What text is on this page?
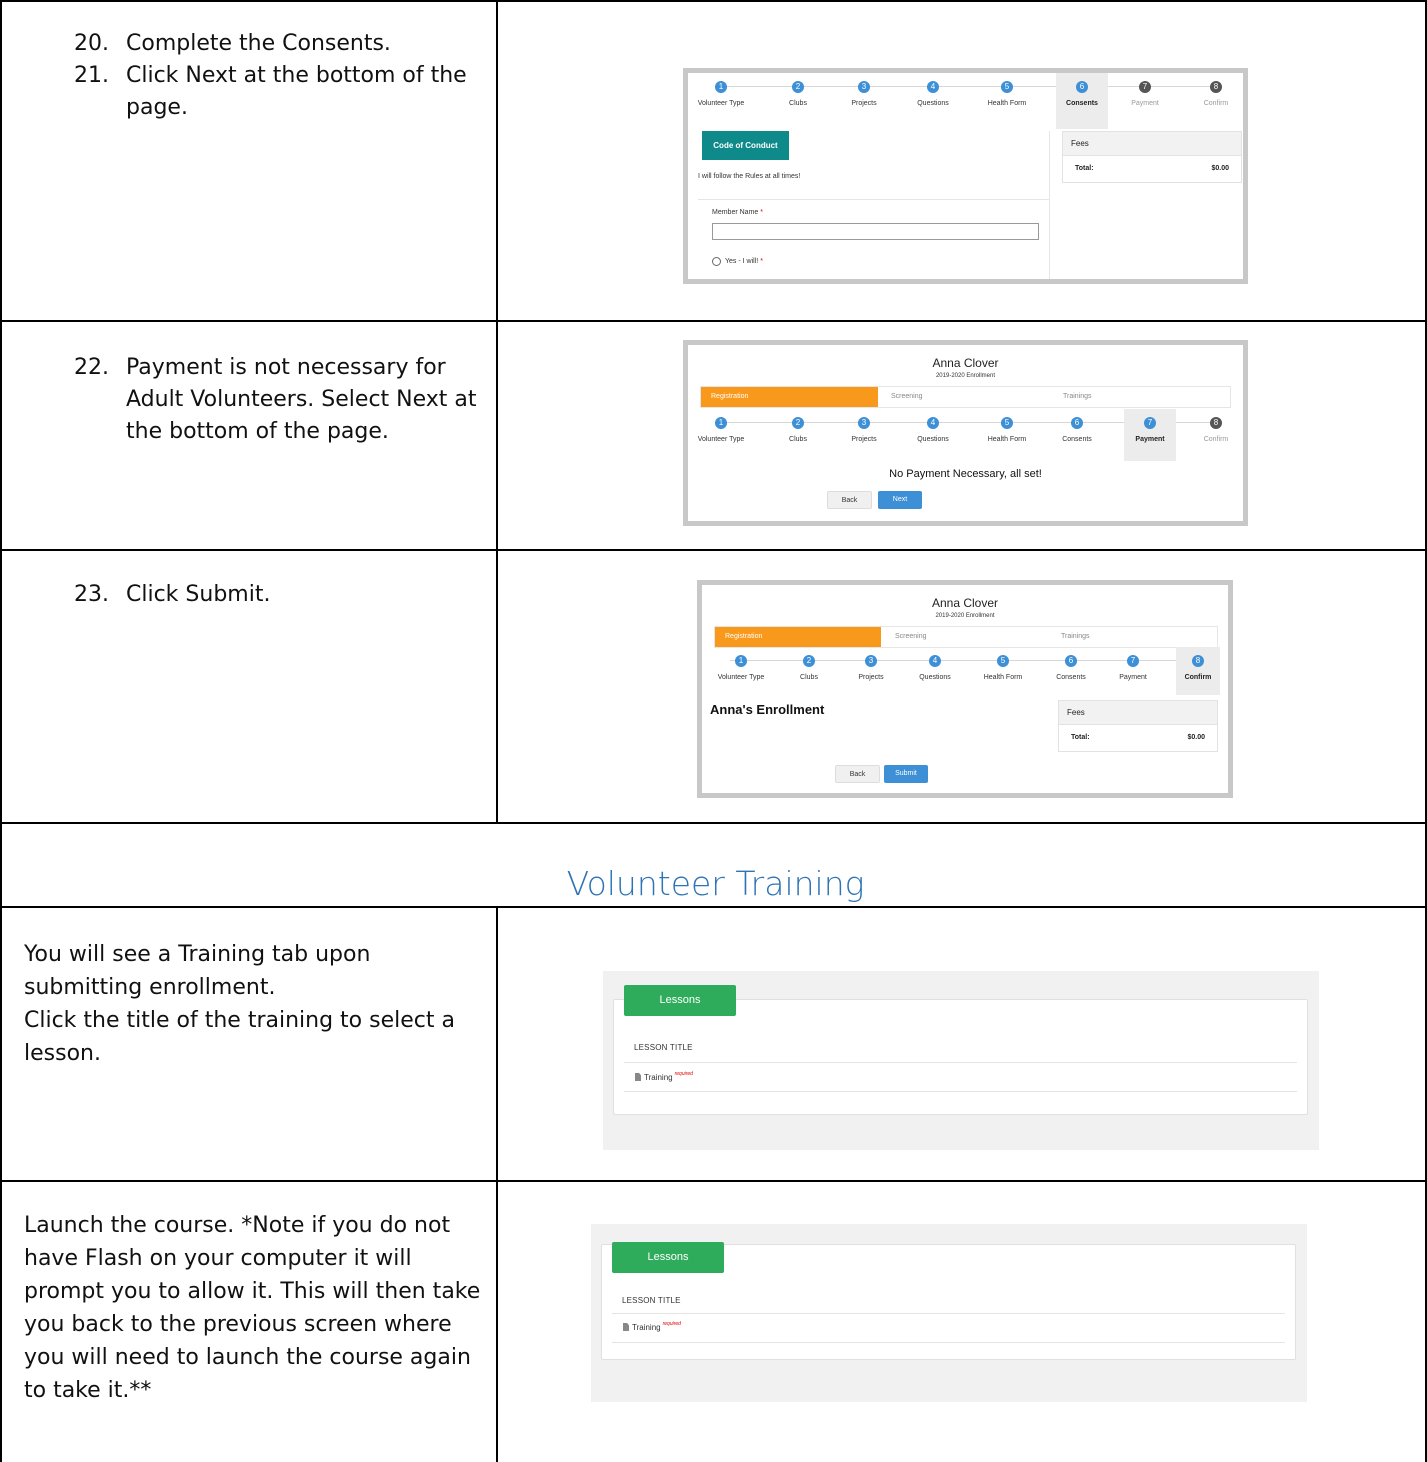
20. Complete the Consents.
21. Click Next at the bottom of the page.
1
Volunteer Type
2
Clubs
3
Projects
4
Questions
5
Health Form
6
Consents
7
Payment
8
Confirm
Code of Conduct
I will follow the Rules at all times!
Member Name *
Yes - I will! *
Fees
Total:	$0.00
22. Payment is not necessary for Adult Volunteers. Select Next at the bottom of the page.
Anna Clover
2019-2020 Enrollment
Registration	Screening	Trainings
1
Volunteer Type
2
Clubs
3
Projects
4
Questions
5
Health Form
6
Consents
7
Payment
8
Confirm
No Payment Necessary, all set!
Back	Next
23. Click Submit.	Anna Clover
2019-2020 Enrollment
Registration	Screening	Trainings
1
Volunteer Type
2
Clubs
3
Projects
4
Questions
5
Health Form
6
Consents
7
Payment
8
Confirm
Anna's Enrollment	Fees
Total:	$0.00
Back	Submit
Volunteer Training
You will see a Training tab upon submitting enrollment.
Click the title of the training to select a lesson.
Lessons
LESSON TITLE
Training required
Launch the course. *Note if you do not have Flash on your computer it will prompt you to allow it. This will then take you back to the previous screen where you will need to launch the course again to take it.**
Lessons
LESSON TITLE
Training required
